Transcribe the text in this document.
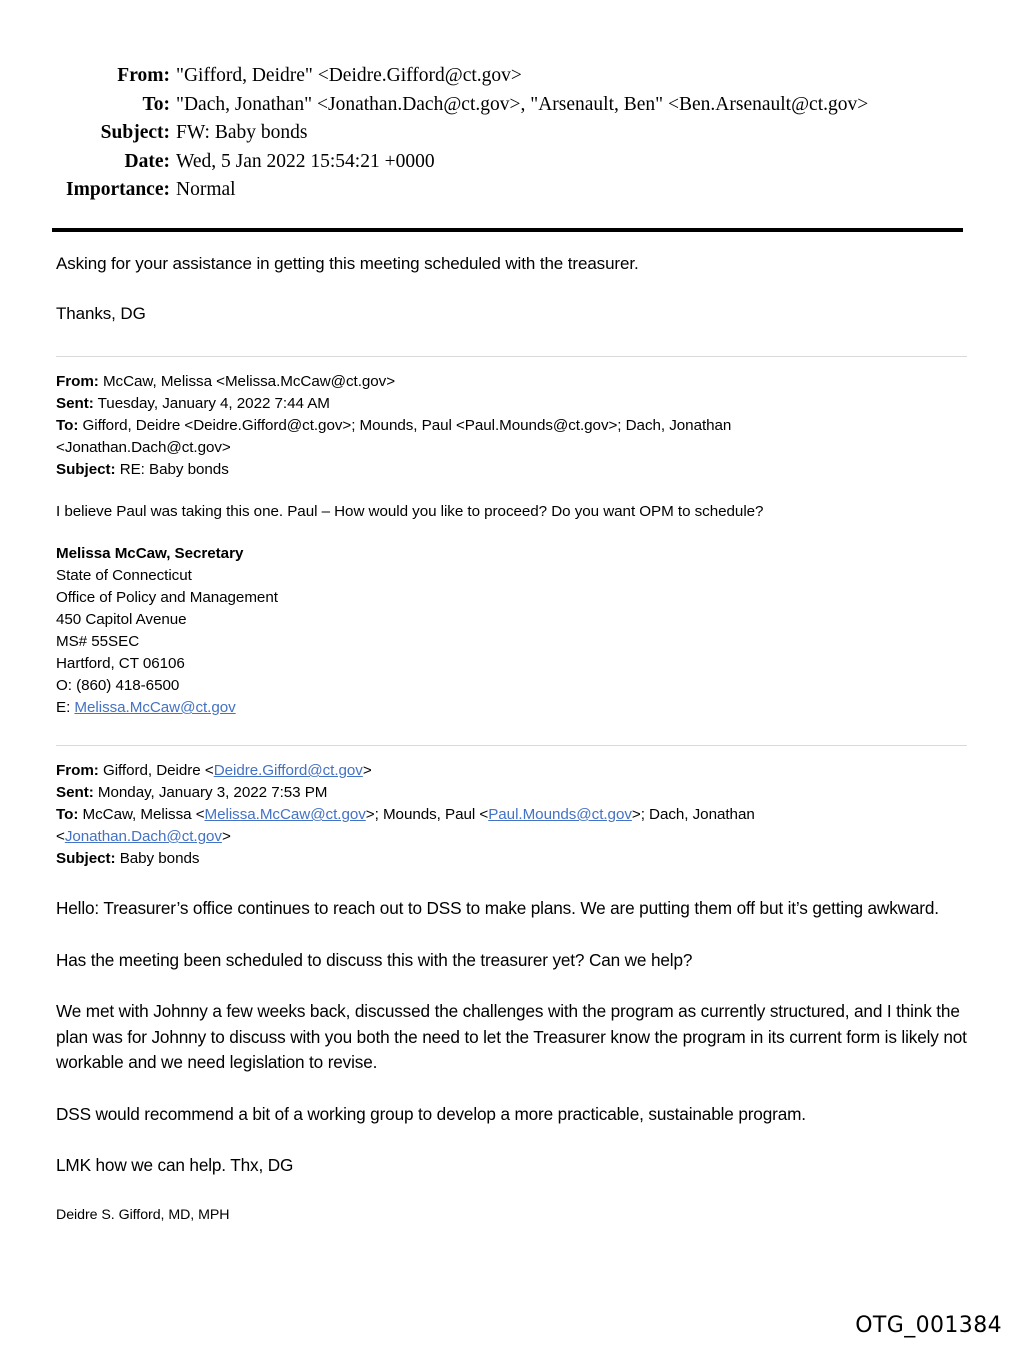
From: "Gifford, Deidre" <Deidre.Gifford@ct.gov>
To: "Dach, Jonathan" <Jonathan.Dach@ct.gov>, "Arsenault, Ben" <Ben.Arsenault@ct.gov>
Subject: FW: Baby bonds
Date: Wed, 5 Jan 2022 15:54:21 +0000
Importance: Normal

Asking for your assistance in getting this meeting scheduled with the treasurer.

Thanks, DG

From: McCaw, Melissa <Melissa.McCaw@ct.gov>
Sent: Tuesday, January 4, 2022 7:44 AM
To: Gifford, Deidre <Deidre.Gifford@ct.gov>; Mounds, Paul <Paul.Mounds@ct.gov>; Dach, Jonathan
<Jonathan.Dach@ct.gov>
Subject: RE: Baby bonds
I believe Paul was taking this one. Paul – How would you like to proceed? Do you want OPM to schedule?
Melissa McCaw, Secretary
State of Connecticut
Office of Policy and Management
450 Capitol Avenue
MS# 55SEC
Hartford, CT 06106
O: (860) 418-6500
E: Melissa.McCaw@ct.gov
From: Gifford, Deidre <Deidre.Gifford@ct.gov>
Sent: Monday, January 3, 2022 7:53 PM
To: McCaw, Melissa <Melissa.McCaw@ct.gov>; Mounds, Paul <Paul.Mounds@ct.gov>; Dach, Jonathan
<Jonathan.Dach@ct.gov>
Subject: Baby bonds

Hello: Treasurer’s office continues to reach out to DSS to make plans. We are putting them off but it’s getting awkward.

Has the meeting been scheduled to discuss this with the treasurer yet? Can we help?

We met with Johnny a few weeks back, discussed the challenges with the program as currently structured, and I think the plan was for Johnny to discuss with you both the need to let the Treasurer know the program in its current form is likely not workable and we need legislation to revise.

DSS would recommend a bit of a working group to develop a more practicable, sustainable program.

LMK how we can help. Thx, DG

Deidre S. Gifford, MD, MPH

OTG_001384
